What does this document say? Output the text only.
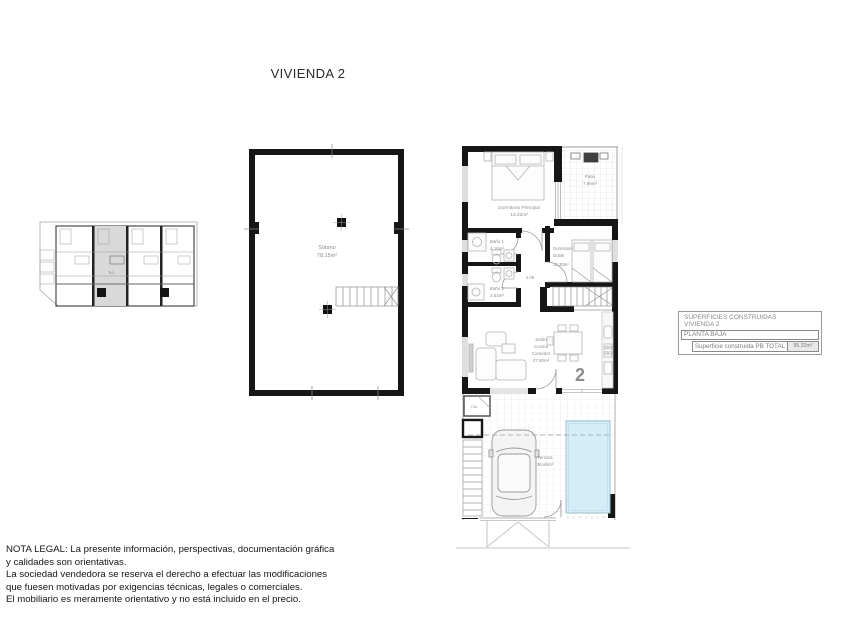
VIVIENDA 2
2
Sótano
78.15m²
Cto.
Dormitorio Principal
13.22m²
Patio
7.86m²
Baño 1
4.16m²
Baño 2
3.63m²
2.09
Salón
Cocina
Comedor
27.60m²
Terraza
36.66m²
Dormitorio
Doble
10.30m²
2
SUPERFICIES CONSTRUIDAS
VIVIENDA 2
PLANTA BAJA
Superficie construida PB TOTAL	95.32m²
NOTA LEGAL: La presente información, perspectivas, documentación gráfica
y calidades son orientativas.
La sociedad vendedora se reserva el derecho a efectuar las modificaciones
que fuesen motivadas por exigencias técnicas, legales o comerciales.
El mobiliario es meramente orientativo y no está incluido en el precio.
